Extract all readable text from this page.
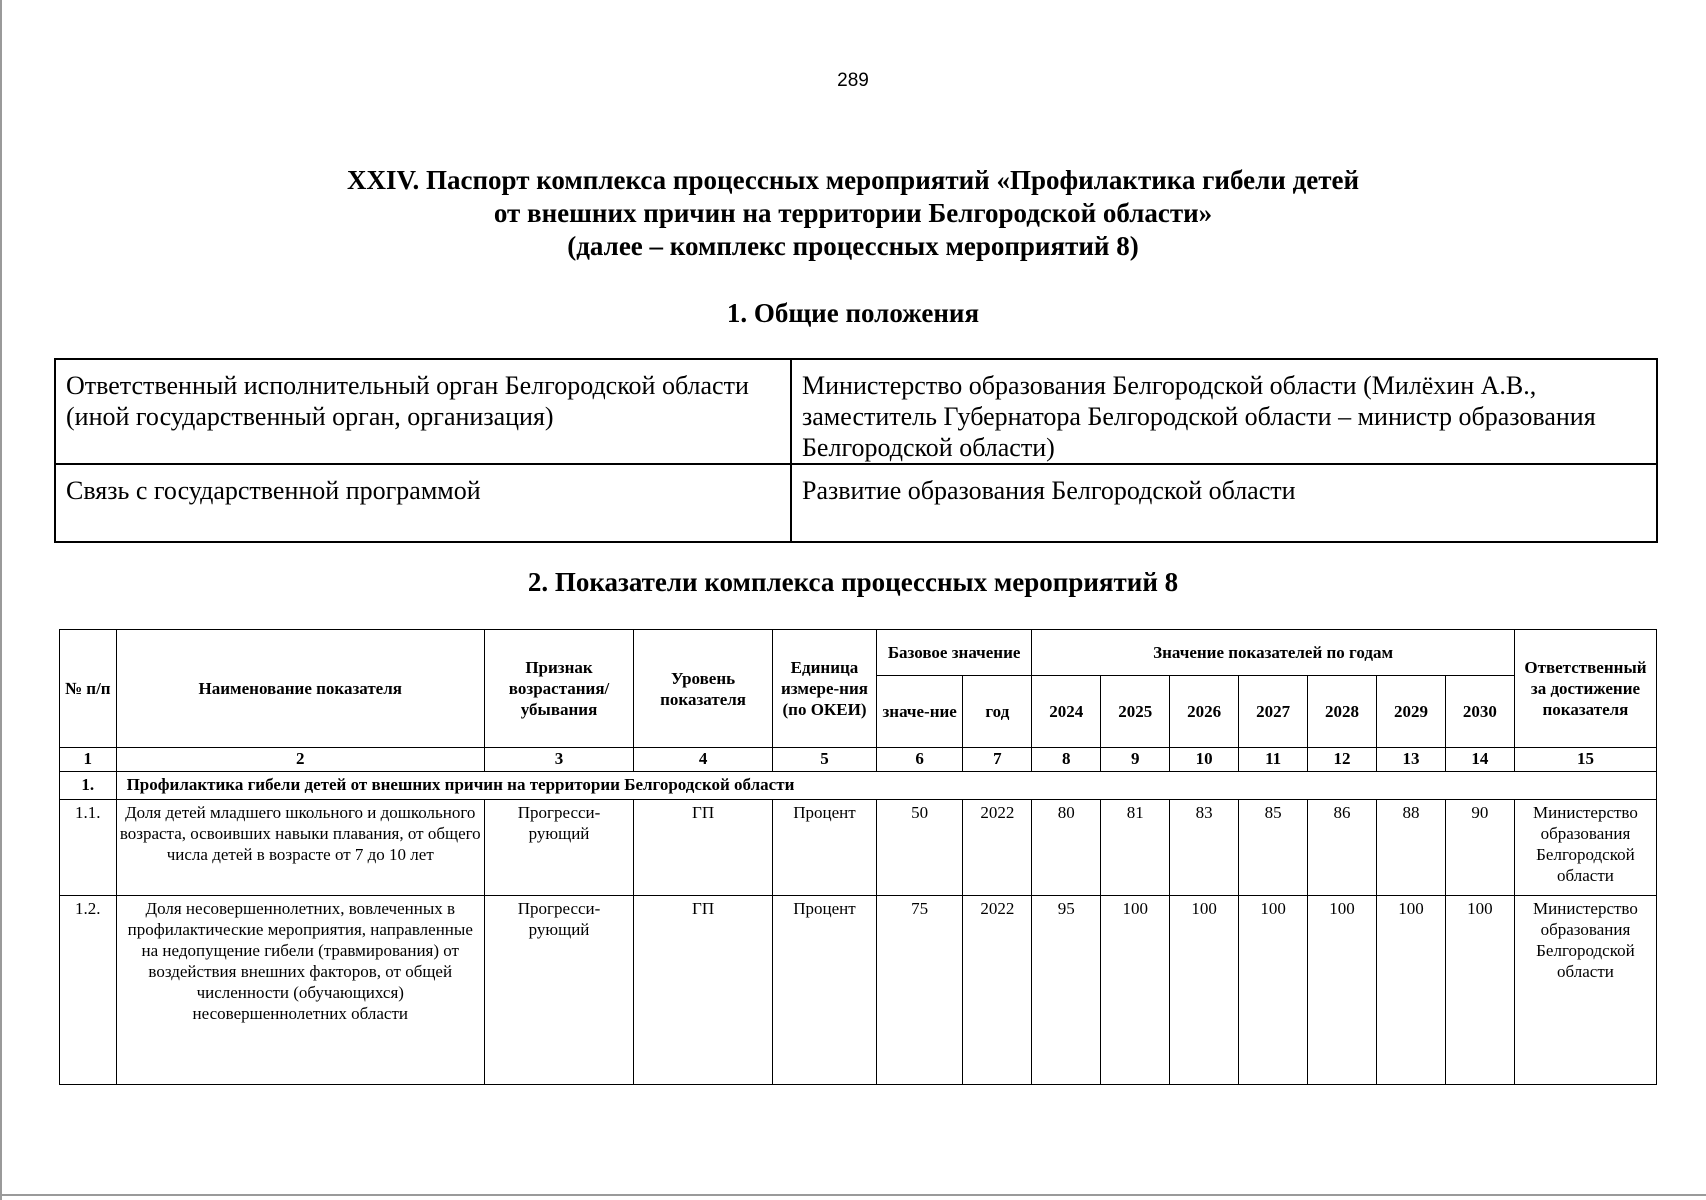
289
XXIV. Паспорт комплекса процессных мероприятий «Профилактика гибели детей
от внешних причин на территории Белгородской области»
(далее – комплекс процессных мероприятий 8)
1. Общие положения
Ответственный исполнительный орган Белгородской области (иной государственный орган, организация)	Министерство образования Белгородской области (Милёхин А.В., заместитель Губернатора Белгородской области – министр образования Белгородской области)
Связь с государственной программой	Развитие образования Белгородской области
2. Показатели комплекса процессных мероприятий 8
№ п/п	Наименование показателя	Признак возрастания/ убывания	Уровень показателя	Единица измере-ния (по ОКЕИ)	Базовое значение		Значение показателей по годам							Ответственный за достижение показателя
					значе-ние	год	2024	2025	2026	2027	2028	2029	2030	
1	2	3	4	5	6	7	8	9	10	11	12	13	14	15
1.	Профилактика гибели детей от внешних причин на территории Белгородской области													
1.1.	Доля детей младшего школьного и дошкольного возраста, освоивших навыки плавания, от общего числа детей в возрасте от 7 до 10 лет	Прогресси-рующий	ГП	Процент	50	2022	80	81	83	85	86	88	90	Министерство образования Белгородской области
1.2.	Доля несовершеннолетних, вовлеченных в профилактические мероприятия, направленные на недопущение гибели (травмирования) от воздействия внешних факторов, от общей численности (обучающихся) несовершеннолетних области	Прогресси-рующий	ГП	Процент	75	2022	95	100	100	100	100	100	100	Министерство образования Белгородской области
